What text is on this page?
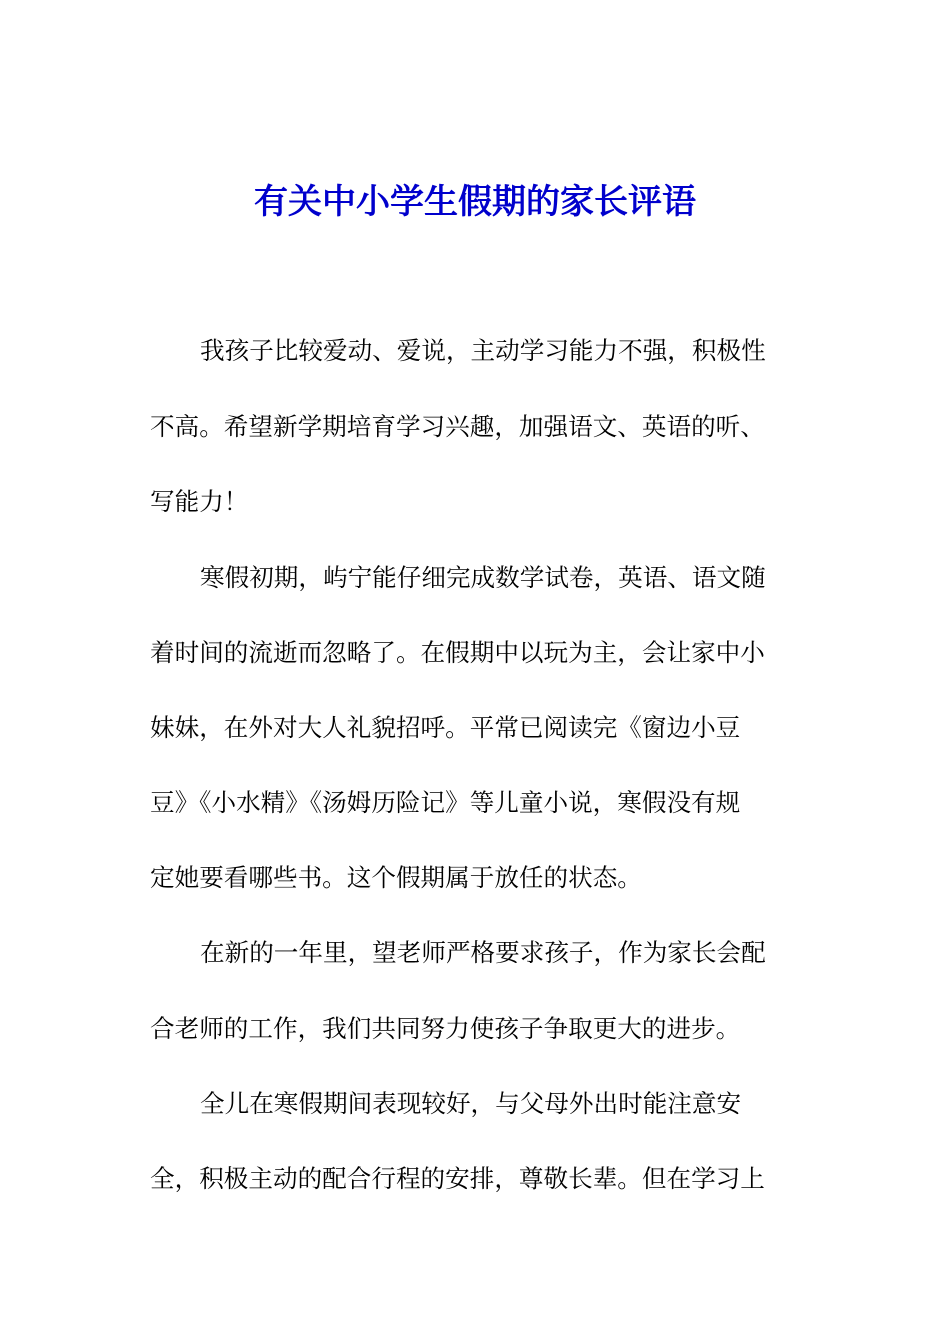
有关中小学生假期的家长评语

我孩子比较爱动、爱说，主动学习能力不强，积极性

不高。希望新学期培育学习兴趣，加强语文、英语的听、

写能力！

寒假初期，屿宁能仔细完成数学试卷，英语、语文随

着时间的流逝而忽略了。在假期中以玩为主，会让家中小

妹妹，在外对大人礼貌招呼。平常已阅读完《窗边小豆

豆》《小水精》《汤姆历险记》等儿童小说，寒假没有规

定她要看哪些书。这个假期属于放任的状态。

在新的一年里，望老师严格要求孩子，作为家长会配

合老师的工作，我们共同努力使孩子争取更大的进步。

全儿在寒假期间表现较好，与父母外出时能注意安

全，积极主动的配合行程的安排，尊敬长辈。但在学习上
